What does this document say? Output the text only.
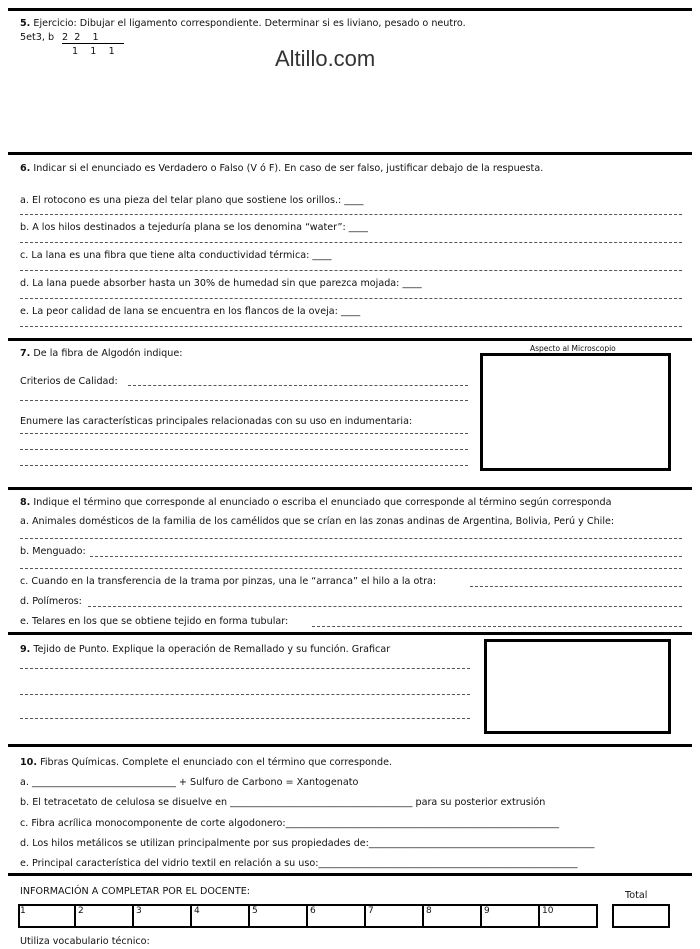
5. Ejercicio: Dibujar el ligamento correspondiente. Determinar si es liviano, pesado o neutro.
5et3, b 2  2    1
1    1    1	Altillo.com
6. Indicar si el enunciado es Verdadero o Falso (V ó F). En caso de ser falso, justificar debajo de la respuesta.
a. El rotocono es una pieza del telar plano que sostiene los orillos.: ____
b. A los hilos destinados a tejeduría plana se los denomina “water”: ____
c. La lana es una fibra que tiene alta conductividad térmica: ____
d. La lana puede absorber hasta un 30% de humedad sin que parezca mojada: ____
e. La peor calidad de lana se encuentra en los flancos de la oveja: ____
7. De la fibra de Algodón indique:	Aspecto al Microscopio
Criterios de Calidad:
Enumere las características principales relacionadas con su uso en indumentaria:
8. Indique el término que corresponde al enunciado o escriba el enunciado que corresponde al término según corresponda
a. Animales domésticos de la familia de los camélidos que se crían en las zonas andinas de Argentina, Bolivia, Perú y Chile:
b. Menguado:
c. Cuando en la transferencia de la trama por pinzas, una le “arranca” el hilo a la otra:
d. Polímeros:
e. Telares en los que se obtiene tejido en forma tubular:
9. Tejido de Punto. Explique la operación de Remallado y su función. Graficar
10. Fibras Químicas. Complete el enunciado con el término que corresponde.
a. ______________________________ + Sulfuro de Carbono = Xantogenato
b. El tetracetato de celulosa se disuelve en ______________________________________ para su posterior extrusión
c. Fibra acrílica monocomponente de corte algodonero:_________________________________________________________
d. Los hilos metálicos se utilizan principalmente por sus propiedades de:_______________________________________________
e. Principal característica del vidrio textil en relación a su uso:______________________________________________________
INFORMACIÓN A COMPLETAR POR EL DOCENTE:	Total
1	2	3	4	5	6	7	8	9	10
Utiliza vocabulario técnico:
